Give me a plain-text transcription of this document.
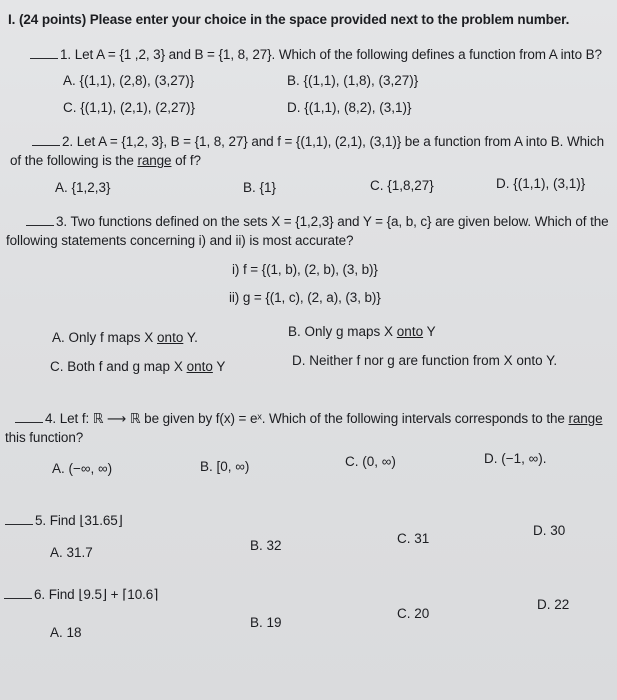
I. (24 points) Please enter your choice in the space provided next to the problem number.
1. Let A = {1 ,2, 3} and B = {1, 8, 27}. Which of the following defines a function from A into B?
A. {(1,1), (2,8), (3,27)}	B. {(1,1), (1,8), (3,27)}
C. {(1,1), (2,1), (2,27)}	D. {(1,1), (8,2), (3,1)}
2. Let A = {1,2, 3}, B = {1, 8, 27} and f = {(1,1), (2,1), (3,1)} be a function from A into B. Which
of the following is the range of f?
A. {1,2,3}	B. {1}	C. {1,8,27}	D. {(1,1), (3,1)}
3. Two functions defined on the sets X = {1,2,3} and Y = {a, b, c} are given below. Which of the
following statements concerning i) and ii) is most accurate?
i) f = {(1, b), (2, b), (3, b)}
ii) g = {(1, c), (2, a), (3, b)}
A. Only f maps X onto Y.	B. Only g maps X onto Y
C. Both f and g map X onto Y	D. Neither f nor g are function from X onto Y.
4. Let f: ℝ ⟶ ℝ be given by f(x) = eˣ. Which of the following intervals corresponds to the range
this function?
A. (−∞, ∞)	B. [0, ∞)	C. (0, ∞)	D. (−1, ∞).
5. Find ⌊31.65⌋
A. 31.7	B. 32	C. 31
D. 30
6. Find ⌊9.5⌋ + ⌈10.6⌉
A. 18
B. 19
C. 20
D. 22
